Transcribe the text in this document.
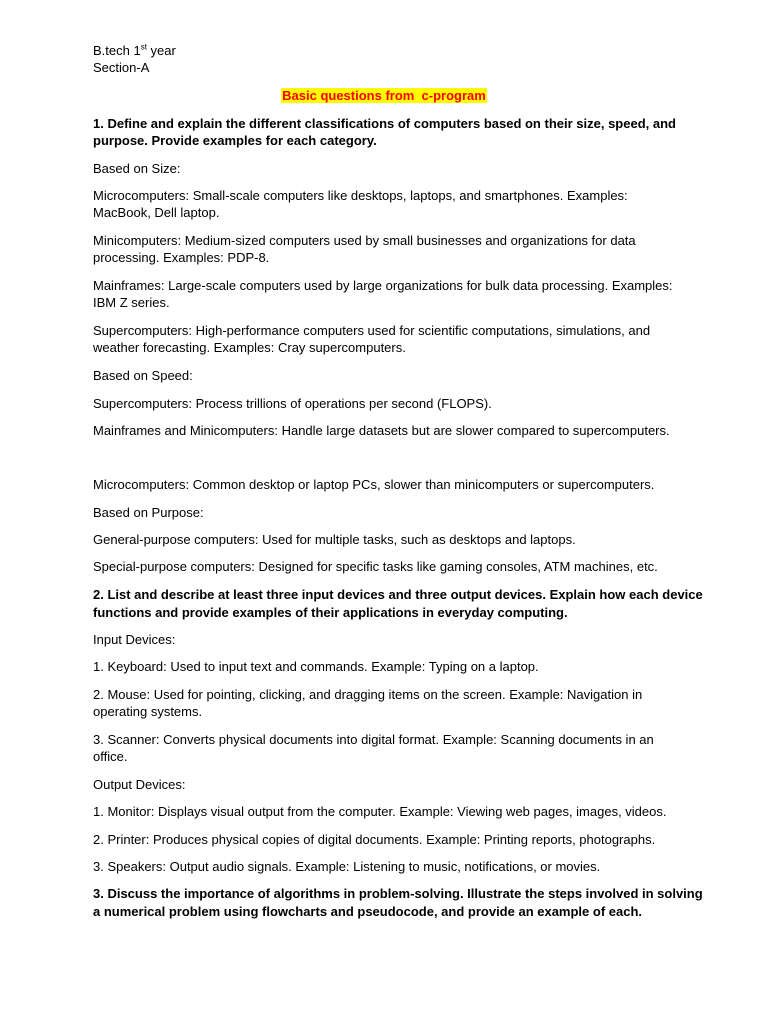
B.tech 1st year
Section-A
Basic questions from  c-program
1. Define and explain the different classifications of computers based on their size, speed, and
purpose. Provide examples for each category.
Based on Size:
Microcomputers: Small-scale computers like desktops, laptops, and smartphones. Examples:
MacBook, Dell laptop.
Minicomputers: Medium-sized computers used by small businesses and organizations for data
processing. Examples: PDP-8.
Mainframes: Large-scale computers used by large organizations for bulk data processing. Examples:
IBM Z series.
Supercomputers: High-performance computers used for scientific computations, simulations, and
weather forecasting. Examples: Cray supercomputers.
Based on Speed:
Supercomputers: Process trillions of operations per second (FLOPS).
Mainframes and Minicomputers: Handle large datasets but are slower compared to supercomputers.
Microcomputers: Common desktop or laptop PCs, slower than minicomputers or supercomputers.
Based on Purpose:
General-purpose computers: Used for multiple tasks, such as desktops and laptops.
Special-purpose computers: Designed for specific tasks like gaming consoles, ATM machines, etc.
2. List and describe at least three input devices and three output devices. Explain how each device
functions and provide examples of their applications in everyday computing.
Input Devices:
1. Keyboard: Used to input text and commands. Example: Typing on a laptop.
2. Mouse: Used for pointing, clicking, and dragging items on the screen. Example: Navigation in
operating systems.
3. Scanner: Converts physical documents into digital format. Example: Scanning documents in an
office.
Output Devices:
1. Monitor: Displays visual output from the computer. Example: Viewing web pages, images, videos.
2. Printer: Produces physical copies of digital documents. Example: Printing reports, photographs.
3. Speakers: Output audio signals. Example: Listening to music, notifications, or movies.
3. Discuss the importance of algorithms in problem-solving. Illustrate the steps involved in solving
a numerical problem using flowcharts and pseudocode, and provide an example of each.
